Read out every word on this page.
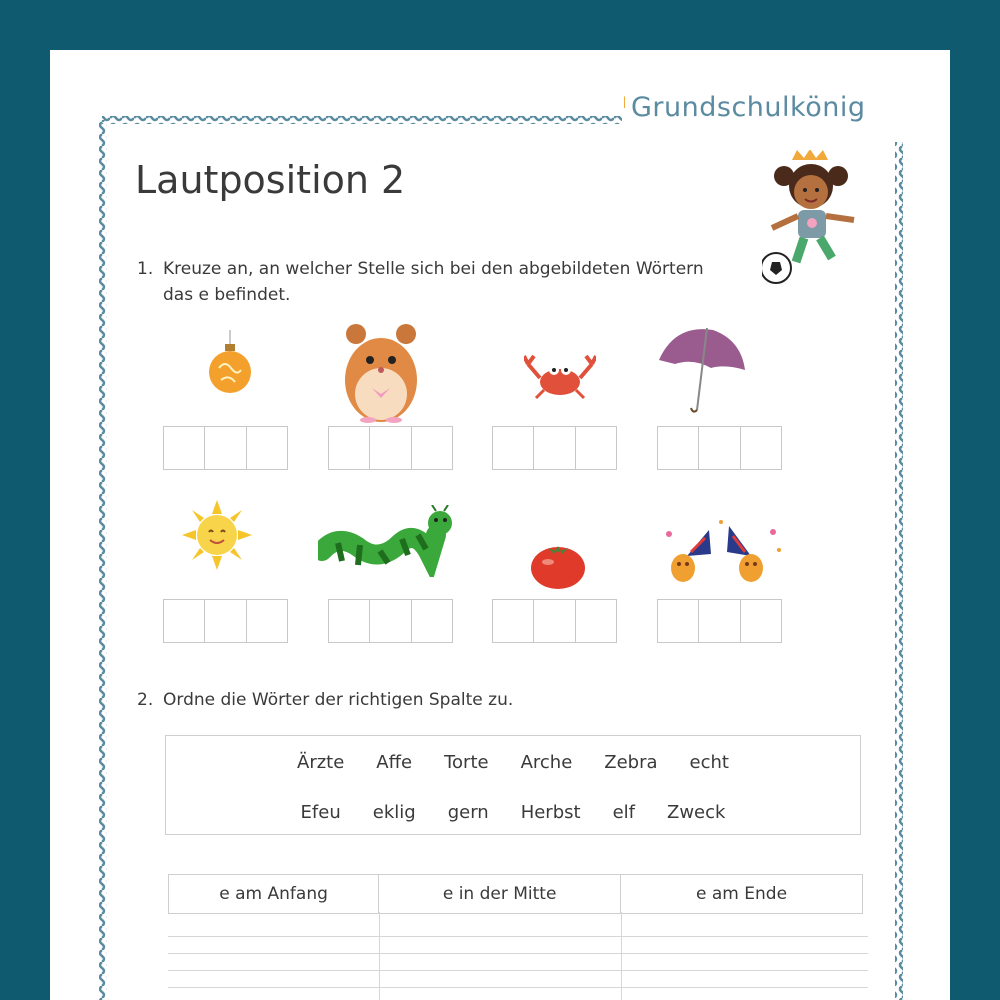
Grundschulkönig
Lautposition 2
1. Kreuze an, an welcher Stelle sich bei den abgebildeten Wörtern
das e befindet.
2. Ordne die Wörter der richtigen Spalte zu.
Ärzte Affe Torte Arche Zebra echt
Efeu eklig gern Herbst elf Zweck
e am Anfang	e in der Mitte	e am Ende
